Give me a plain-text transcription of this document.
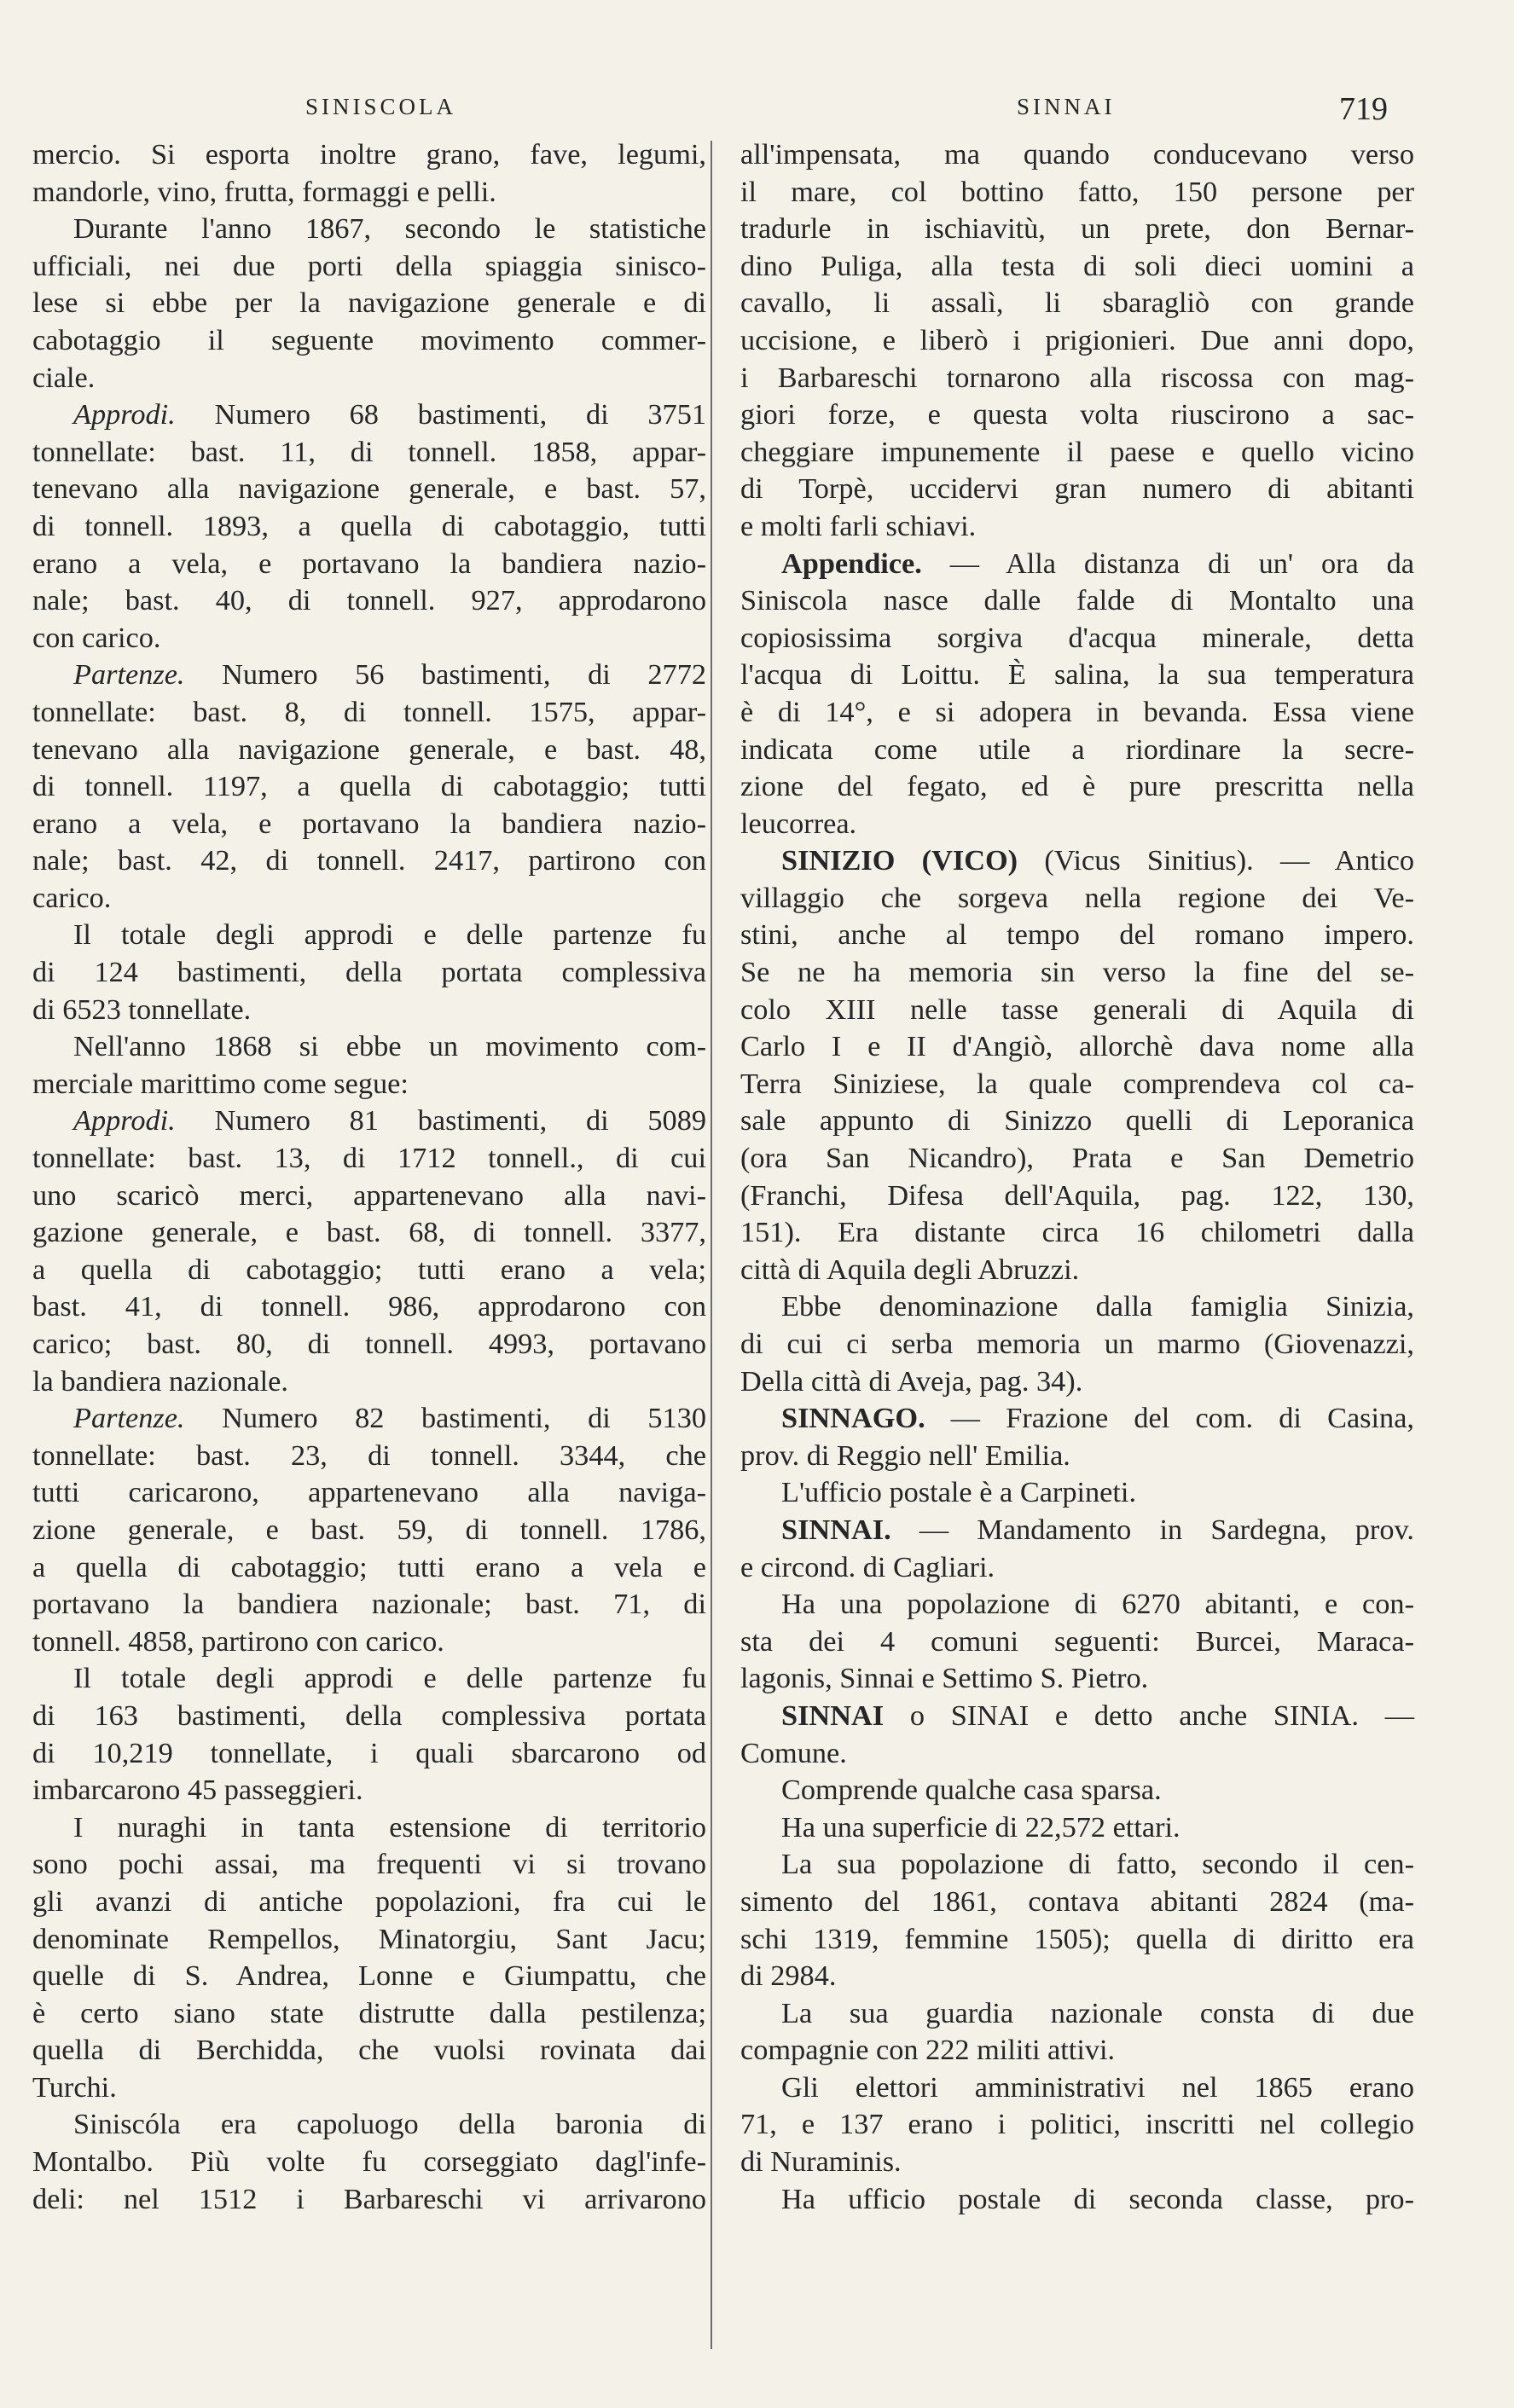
SINISCOLA	SINNAI	719
mercio. Si esporta inoltre grano, fave, legumi,
mandorle, vino, frutta, formaggi e pelli.
Durante l'anno 1867, secondo le statistiche
ufficiali, nei due porti della spiaggia sinisco-
lese si ebbe per la navigazione generale e di
cabotaggio il seguente movimento commer-
ciale.
Approdi. Numero 68 bastimenti, di 3751
tonnellate: bast. 11, di tonnell. 1858, appar-
tenevano alla navigazione generale, e bast. 57,
di tonnell. 1893, a quella di cabotaggio, tutti
erano a vela, e portavano la bandiera nazio-
nale; bast. 40, di tonnell. 927, approdarono
con carico.
Partenze. Numero 56 bastimenti, di 2772
tonnellate: bast. 8, di tonnell. 1575, appar-
tenevano alla navigazione generale, e bast. 48,
di tonnell. 1197, a quella di cabotaggio; tutti
erano a vela, e portavano la bandiera nazio-
nale; bast. 42, di tonnell. 2417, partirono con
carico.
Il totale degli approdi e delle partenze fu
di 124 bastimenti, della portata complessiva
di 6523 tonnellate.
Nell'anno 1868 si ebbe un movimento com-
merciale marittimo come segue:
Approdi. Numero 81 bastimenti, di 5089
tonnellate: bast. 13, di 1712 tonnell., di cui
uno scaricò merci, appartenevano alla navi-
gazione generale, e bast. 68, di tonnell. 3377,
a quella di cabotaggio; tutti erano a vela;
bast. 41, di tonnell. 986, approdarono con
carico; bast. 80, di tonnell. 4993, portavano
la bandiera nazionale.
Partenze. Numero 82 bastimenti, di 5130
tonnellate: bast. 23, di tonnell. 3344, che
tutti caricarono, appartenevano alla naviga-
zione generale, e bast. 59, di tonnell. 1786,
a quella di cabotaggio; tutti erano a vela e
portavano la bandiera nazionale; bast. 71, di
tonnell. 4858, partirono con carico.
Il totale degli approdi e delle partenze fu
di 163 bastimenti, della complessiva portata
di 10,219 tonnellate, i quali sbarcarono od
imbarcarono 45 passeggieri.
I nuraghi in tanta estensione di territorio
sono pochi assai, ma frequenti vi si trovano
gli avanzi di antiche popolazioni, fra cui le
denominate Rempellos, Minatorgiu, Sant Jacu;
quelle di S. Andrea, Lonne e Giumpattu, che
è certo siano state distrutte dalla pestilenza;
quella di Berchidda, che vuolsi rovinata dai
Turchi.
Siniscóla era capoluogo della baronia di
Montalbo. Più volte fu corseggiato dagl'infe-
deli: nel 1512 i Barbareschi vi arrivarono
all'impensata, ma quando conducevano verso
il mare, col bottino fatto, 150 persone per
tradurle in ischiavitù, un prete, don Bernar-
dino Puliga, alla testa di soli dieci uomini a
cavallo, li assalì, li sbaragliò con grande
uccisione, e liberò i prigionieri. Due anni dopo,
i Barbareschi tornarono alla riscossa con mag-
giori forze, e questa volta riuscirono a sac-
cheggiare impunemente il paese e quello vicino
di Torpè, uccidervi gran numero di abitanti
e molti farli schiavi.
Appendice. — Alla distanza di un' ora da
Siniscola nasce dalle falde di Montalto una
copiosissima sorgiva d'acqua minerale, detta
l'acqua di Loittu. È salina, la sua temperatura
è di 14°, e si adopera in bevanda. Essa viene
indicata come utile a riordinare la secre-
zione del fegato, ed è pure prescritta nella
leucorrea.
SINIZIO (VICO) (Vicus Sinitius). — Antico
villaggio che sorgeva nella regione dei Ve-
stini, anche al tempo del romano impero.
Se ne ha memoria sin verso la fine del se-
colo XIII nelle tasse generali di Aquila di
Carlo I e II d'Angiò, allorchè dava nome alla
Terra Siniziese, la quale comprendeva col ca-
sale appunto di Sinizzo quelli di Leporanica
(ora San Nicandro), Prata e San Demetrio
(Franchi, Difesa dell'Aquila, pag. 122, 130,
151). Era distante circa 16 chilometri dalla
città di Aquila degli Abruzzi.
Ebbe denominazione dalla famiglia Sinizia,
di cui ci serba memoria un marmo (Giovenazzi,
Della città di Aveja, pag. 34).
SINNAGO. — Frazione del com. di Casina,
prov. di Reggio nell' Emilia.
L'ufficio postale è a Carpineti.
SINNAI. — Mandamento in Sardegna, prov.
e circond. di Cagliari.
Ha una popolazione di 6270 abitanti, e con-
sta dei 4 comuni seguenti: Burcei, Maraca-
lagonis, Sinnai e Settimo S. Pietro.
SINNAI o SINAI e detto anche SINIA. —
Comune.
Comprende qualche casa sparsa.
Ha una superficie di 22,572 ettari.
La sua popolazione di fatto, secondo il cen-
simento del 1861, contava abitanti 2824 (ma-
schi 1319, femmine 1505); quella di diritto era
di 2984.
La sua guardia nazionale consta di due
compagnie con 222 militi attivi.
Gli elettori amministrativi nel 1865 erano
71, e 137 erano i politici, inscritti nel collegio
di Nuraminis.
Ha ufficio postale di seconda classe, pro-
